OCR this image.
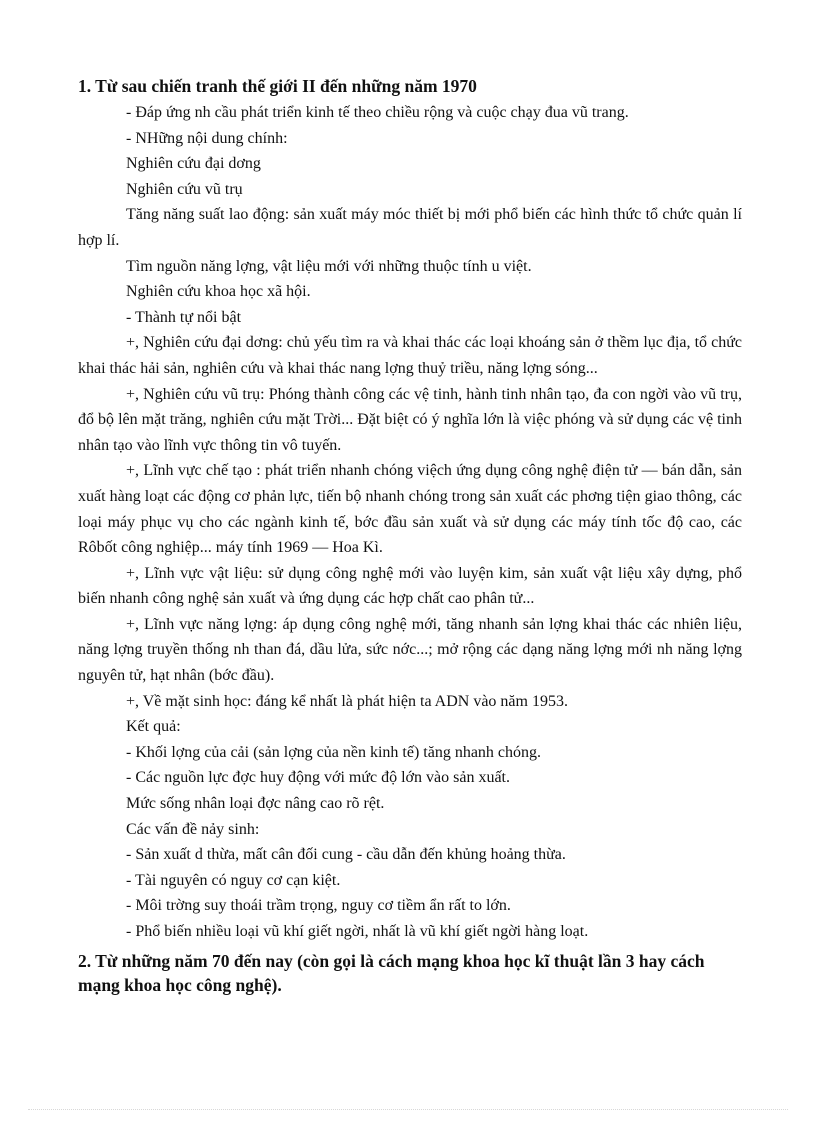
1. Từ sau chiến tranh thế giới II đến những năm 1970

- Đáp ứng nh cầu phát triển kinh tế theo chiều rộng và cuộc chạy đua vũ trang.

- NHững nội dung chính:

Nghiên cứu đại dơng

Nghiên cứu vũ trụ

Tăng năng suất lao động: sản xuất máy móc thiết bị mới phổ biến các hình thức tổ chức quản lí hợp lí.

Tìm nguồn năng lợng, vật liệu mới với những thuộc tính u việt.

Nghiên cứu khoa học xã hội.

- Thành tự nổi bật

+, Nghiên cứu đại dơng: chủ yếu tìm ra và khai thác các loại khoáng sản ở thềm lục địa, tổ chức khai thác hải sản, nghiên cứu và khai thác nang lợng thuỷ triều, năng lợng sóng...

+, Nghiên cứu vũ trụ: Phóng thành công các vệ tinh, hành tinh nhân tạo, đa con ngời vào vũ trụ, đổ bộ lên mặt trăng, nghiên cứu mặt Trời... Đặt biệt có ý nghĩa lớn là việc phóng và sử dụng các vệ tinh nhân tạo vào lĩnh vực thông tin vô tuyến.

+, Lĩnh vực chế tạo : phát triển nhanh chóng việch ứng dụng công nghệ điện tử — bán dẫn, sản xuất hàng loạt các động cơ phản lực, tiến bộ nhanh chóng trong sản xuất các phơng tiện giao thông, các loại máy phục vụ cho các ngành kinh tế, bớc đầu sản xuất và sử dụng các máy tính tốc độ cao, các Rôbốt công nghiệp... máy tính 1969 — Hoa Kì.

+, Lĩnh vực vật liệu: sử dụng công nghệ mới vào luyện kim, sản xuất vật liệu xây dựng, phổ biến nhanh công nghệ sản xuất và ứng dụng các hợp chất cao phân tử...

+, Lĩnh vực năng lợng: áp dụng công nghệ mới, tăng nhanh sản lợng khai thác các nhiên liệu, năng lợng truyền thống nh than đá, dầu lửa, sức nớc...; mở rộng các dạng năng lợng mới nh năng lợng nguyên tử, hạt nhân (bớc đầu).

+, Về mặt sinh học: đáng kể nhất là phát hiện ta ADN vào năm 1953.

Kết quả:

- Khối lợng của cải (sản lợng của nền kinh tế) tăng nhanh chóng.

- Các nguồn lực đợc huy động với mức độ lớn vào sản xuất.

Mức sống nhân loại đợc nâng cao rõ rệt.

Các vấn đề nảy sinh:

- Sản xuất d thừa, mất cân đối cung - cầu dẫn đến khủng hoảng thừa.

- Tài nguyên có nguy cơ cạn kiệt.

- Môi trờng suy thoái trầm trọng, nguy cơ tiềm ẩn rất to lớn.

- Phổ biến nhiều loại vũ khí giết ngời, nhất là vũ khí giết ngời hàng loạt.

2. Từ những năm 70 đến nay (còn gọi là cách mạng khoa học kĩ thuật lần 3 hay cách mạng khoa học công nghệ).
